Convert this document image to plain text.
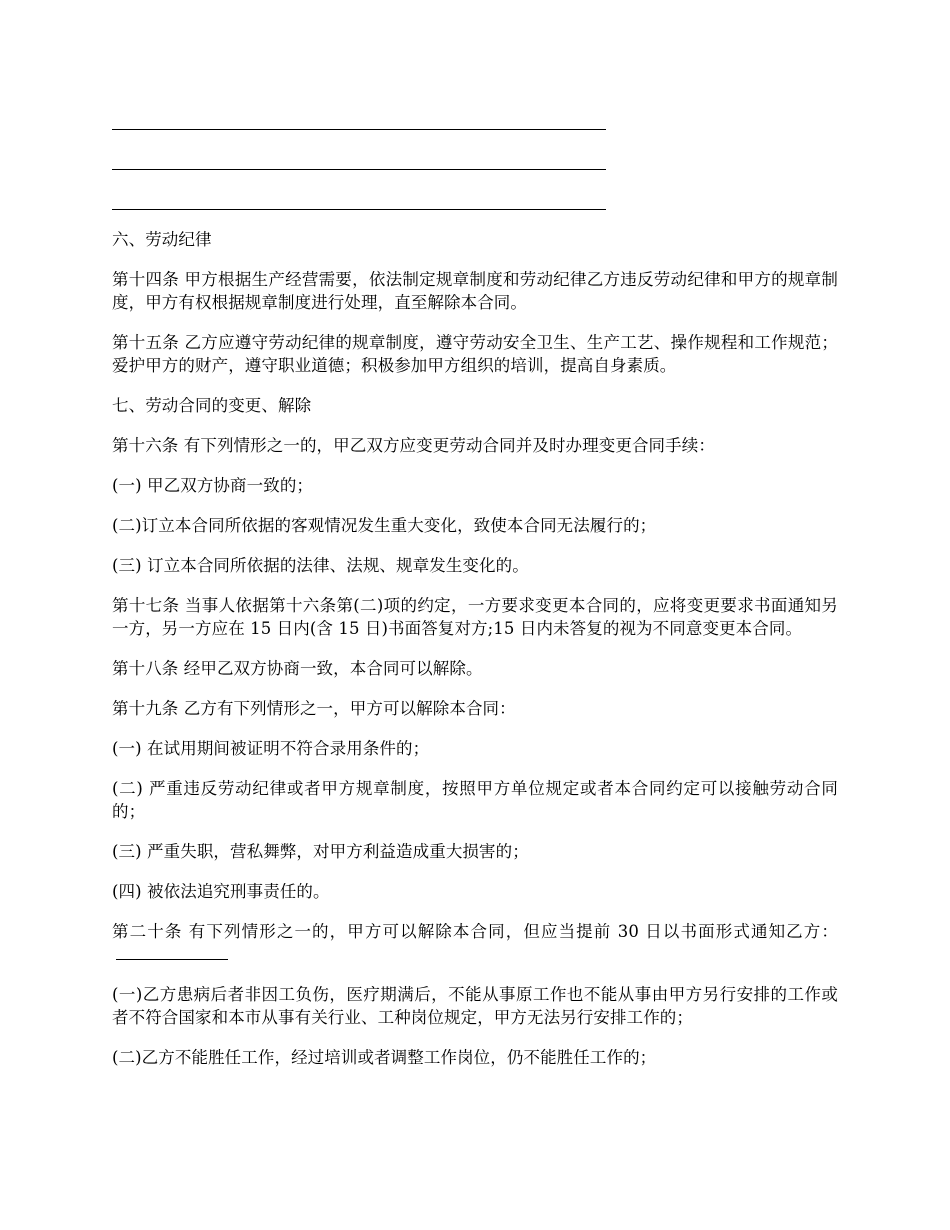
六、劳动纪律

第十四条 甲方根据生产经营需要，依法制定规章制度和劳动纪律乙方违反劳动纪律和甲方的规章制度，甲方有权根据规章制度进行处理，直至解除本合同。

第十五条 乙方应遵守劳动纪律的规章制度，遵守劳动安全卫生、生产工艺、操作规程和工作规范；爱护甲方的财产，遵守职业道德；积极参加甲方组织的培训，提高自身素质。

七、劳动合同的变更、解除

第十六条 有下列情形之一的，甲乙双方应变更劳动合同并及时办理变更合同手续：

(一) 甲乙双方协商一致的；

(二)订立本合同所依据的客观情况发生重大变化，致使本合同无法履行的；

(三) 订立本合同所依据的法律、法规、规章发生变化的。

第十七条 当事人依据第十六条第(二)项的约定，一方要求变更本合同的，应将变更要求书面通知另一方，另一方应在 15 日内(含 15 日)书面答复对方;15 日内未答复的视为不同意变更本合同。

第十八条 经甲乙双方协商一致，本合同可以解除。

第十九条 乙方有下列情形之一，甲方可以解除本合同：

(一) 在试用期间被证明不符合录用条件的；

(二) 严重违反劳动纪律或者甲方规章制度，按照甲方单位规定或者本合同约定可以接触劳动合同的；

(三) 严重失职，营私舞弊，对甲方利益造成重大损害的；

(四) 被依法追究刑事责任的。

第二十条 有下列情形之一的，甲方可以解除本合同，但应当提前 30 日以书面形式通知乙方：

(一)乙方患病后者非因工负伤，医疗期满后，不能从事原工作也不能从事由甲方另行安排的工作或者不符合国家和本市从事有关行业、工种岗位规定，甲方无法另行安排工作的；

(二)乙方不能胜任工作，经过培训或者调整工作岗位，仍不能胜任工作的；
